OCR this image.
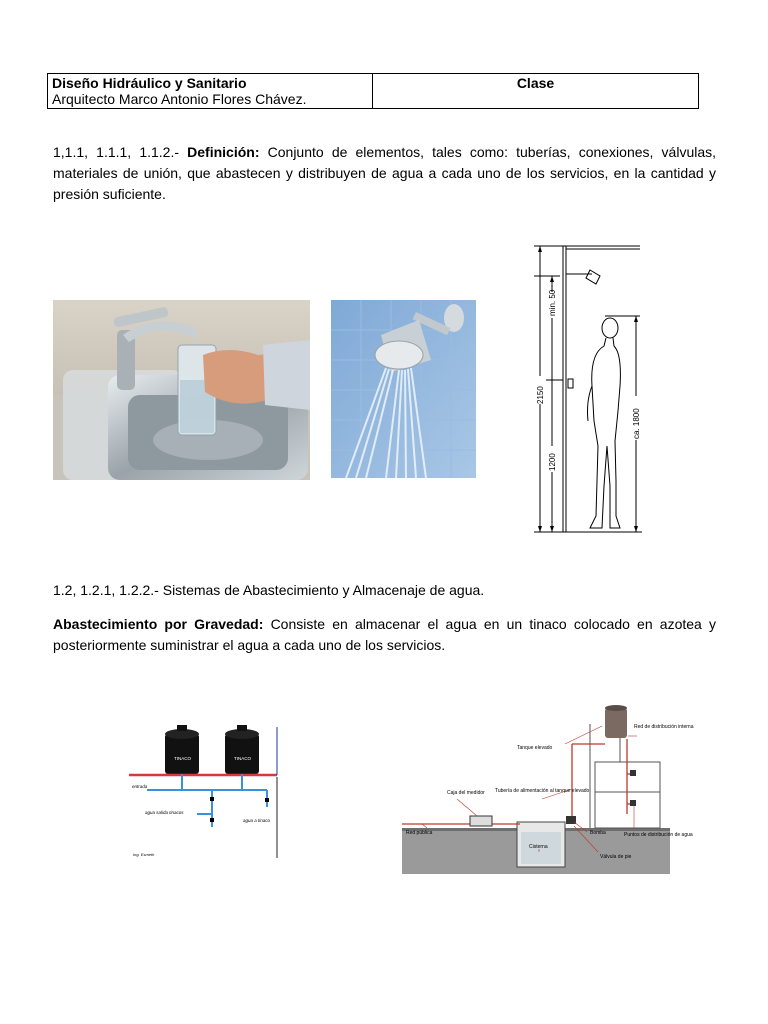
Diseño Hidráulico y Sanitario
Arquitecto Marco Antonio Flores Chávez.
Clase
1,1.1, 1.1.1, 1.1.2.- Definición: Conjunto de elementos, tales como: tuberías, conexiones, válvulas, materiales de unión, que abastecen y distribuyen de agua a cada uno de los servicios, en la cantidad y presión suficiente.
min. 50
2150
1200
ca. 1800
1.2, 1.2.1, 1.2.2.- Sistemas de Abastecimiento y Almacenaje de agua.
Abastecimiento por Gravedad: Consiste en almacenar el agua en un tinaco colocado en azotea y posteriormente suministrar el agua a cada uno de los servicios.
TINACO	TINACO
entrada
agua salida tinacos
agua a tinaco
Ing. Esmeth
Tanque elevado
Red de distribución interna
Caja del medidor Tubería de alimentación al tanque elevado
Red pública
Cisterna
Bomba	Puntos de distribución de agua
Válvula de pie
